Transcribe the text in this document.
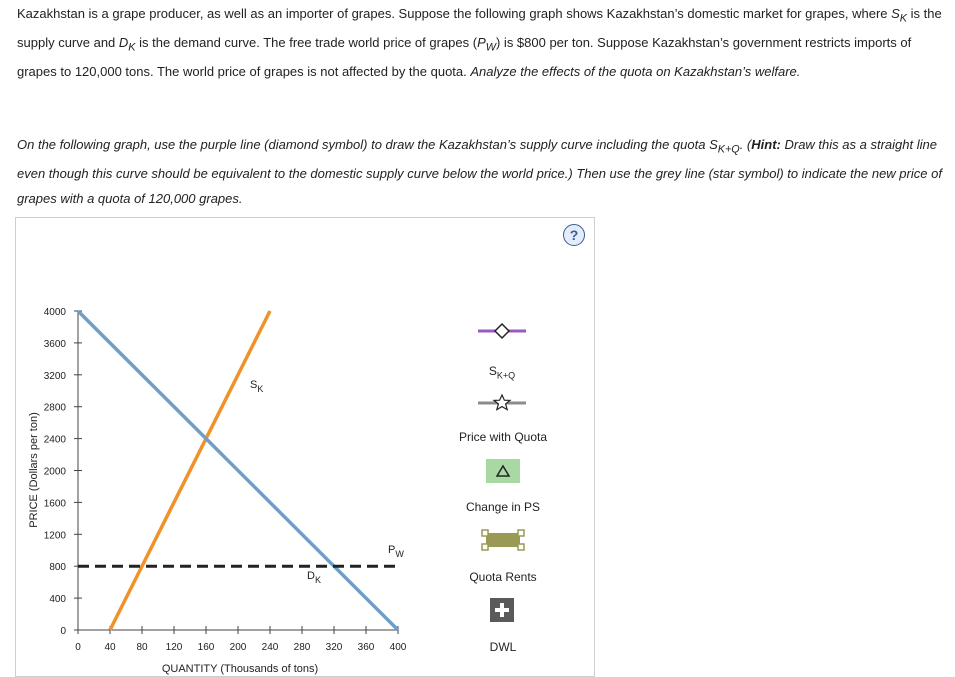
Kazakhstan is a grape producer, as well as an importer of grapes. Suppose the following graph shows Kazakhstan’s domestic market for grapes, where $S_K$ is the supply curve and $D_K$ is the demand curve. The free trade world price of grapes $(P_W)$ is $800 per ton. Suppose Kazakhstan’s government restricts imports of grapes to 120,000 tons. The world price of grapes is not affected by the quota. Analyze the effects of the quota on Kazakhstan’s welfare.

On the following graph, use the purple line (diamond symbol) to draw the Kazakhstan’s supply curve including the quota $S_{K+Q}$. (Hint: Draw this as a straight line even though this curve should be equivalent to the domestic supply curve below the world price.) Then use the grey line (star symbol) to indicate the new price of grapes with a quota of 120,000 grapes.

?
0
400
800
1200
1600
2000
2400
2800
3200
3600
4000
0 40 80 120 160 200 240 280 320 360 400
$S_K$
$D_K$
$P_W$
PRICE (Dollars per ton)
QUANTITY (Thousands of tons)
$S_{K+Q}$
Price with Quota
Change in PS
Quota Rents
DWL
